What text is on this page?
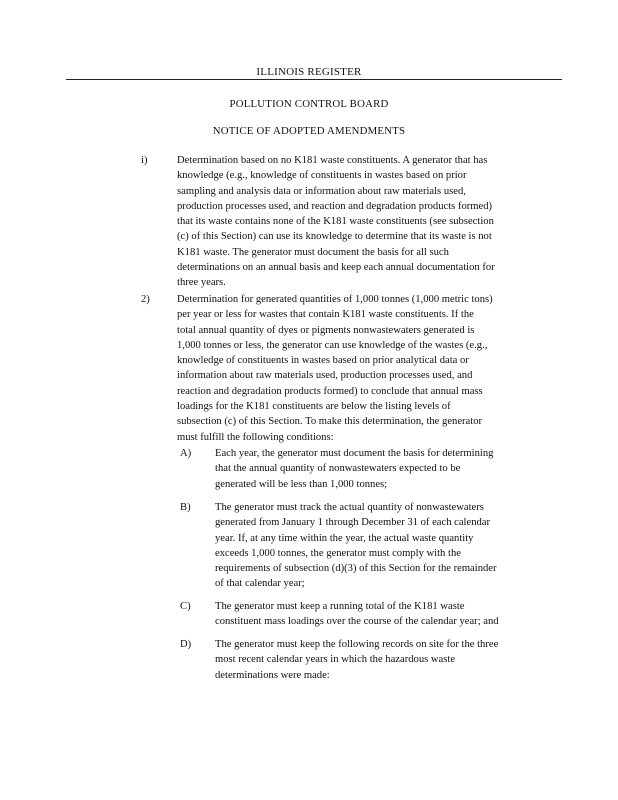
ILLINOIS REGISTER
POLLUTION CONTROL BOARD
NOTICE OF ADOPTED AMENDMENTS
i)	Determination based on no K181 waste constituents. A generator that has
knowledge (e.g., knowledge of constituents in wastes based on prior
sampling and analysis data or information about raw materials used,
production processes used, and reaction and degradation products formed)
that its waste contains none of the K181 waste constituents (see subsection
(c) of this Section) can use its knowledge to determine that its waste is not
K181 waste. The generator must document the basis for all such
determinations on an annual basis and keep each annual documentation for
three years.
2)	Determination for generated quantities of 1,000 tonnes (1,000 metric tons)
per year or less for wastes that contain K181 waste constituents. If the
total annual quantity of dyes or pigments nonwastewaters generated is
1,000 tonnes or less, the generator can use knowledge of the wastes (e.g.,
knowledge of constituents in wastes based on prior analytical data or
information about raw materials used, production processes used, and
reaction and degradation products formed) to conclude that annual mass
loadings for the K181 constituents are below the listing levels of
subsection (c) of this Section. To make this determination, the generator
must fulfill the following conditions:
A) Each year, the generator must document the basis for determining
that the annual quantity of nonwastewaters expected to be
generated will be less than 1,000 tonnes;
B) The generator must track the actual quantity of nonwastewaters
generated from January 1 through December 31 of each calendar
year. If, at any time within the year, the actual waste quantity
exceeds 1,000 tonnes, the generator must comply with the
requirements of subsection (d)(3) of this Section for the remainder
of that calendar year;
C) The generator must keep a running total of the K181 waste
constituent mass loadings over the course of the calendar year; and
D) The generator must keep the following records on site for the three
most recent calendar years in which the hazardous waste
determinations were made:
